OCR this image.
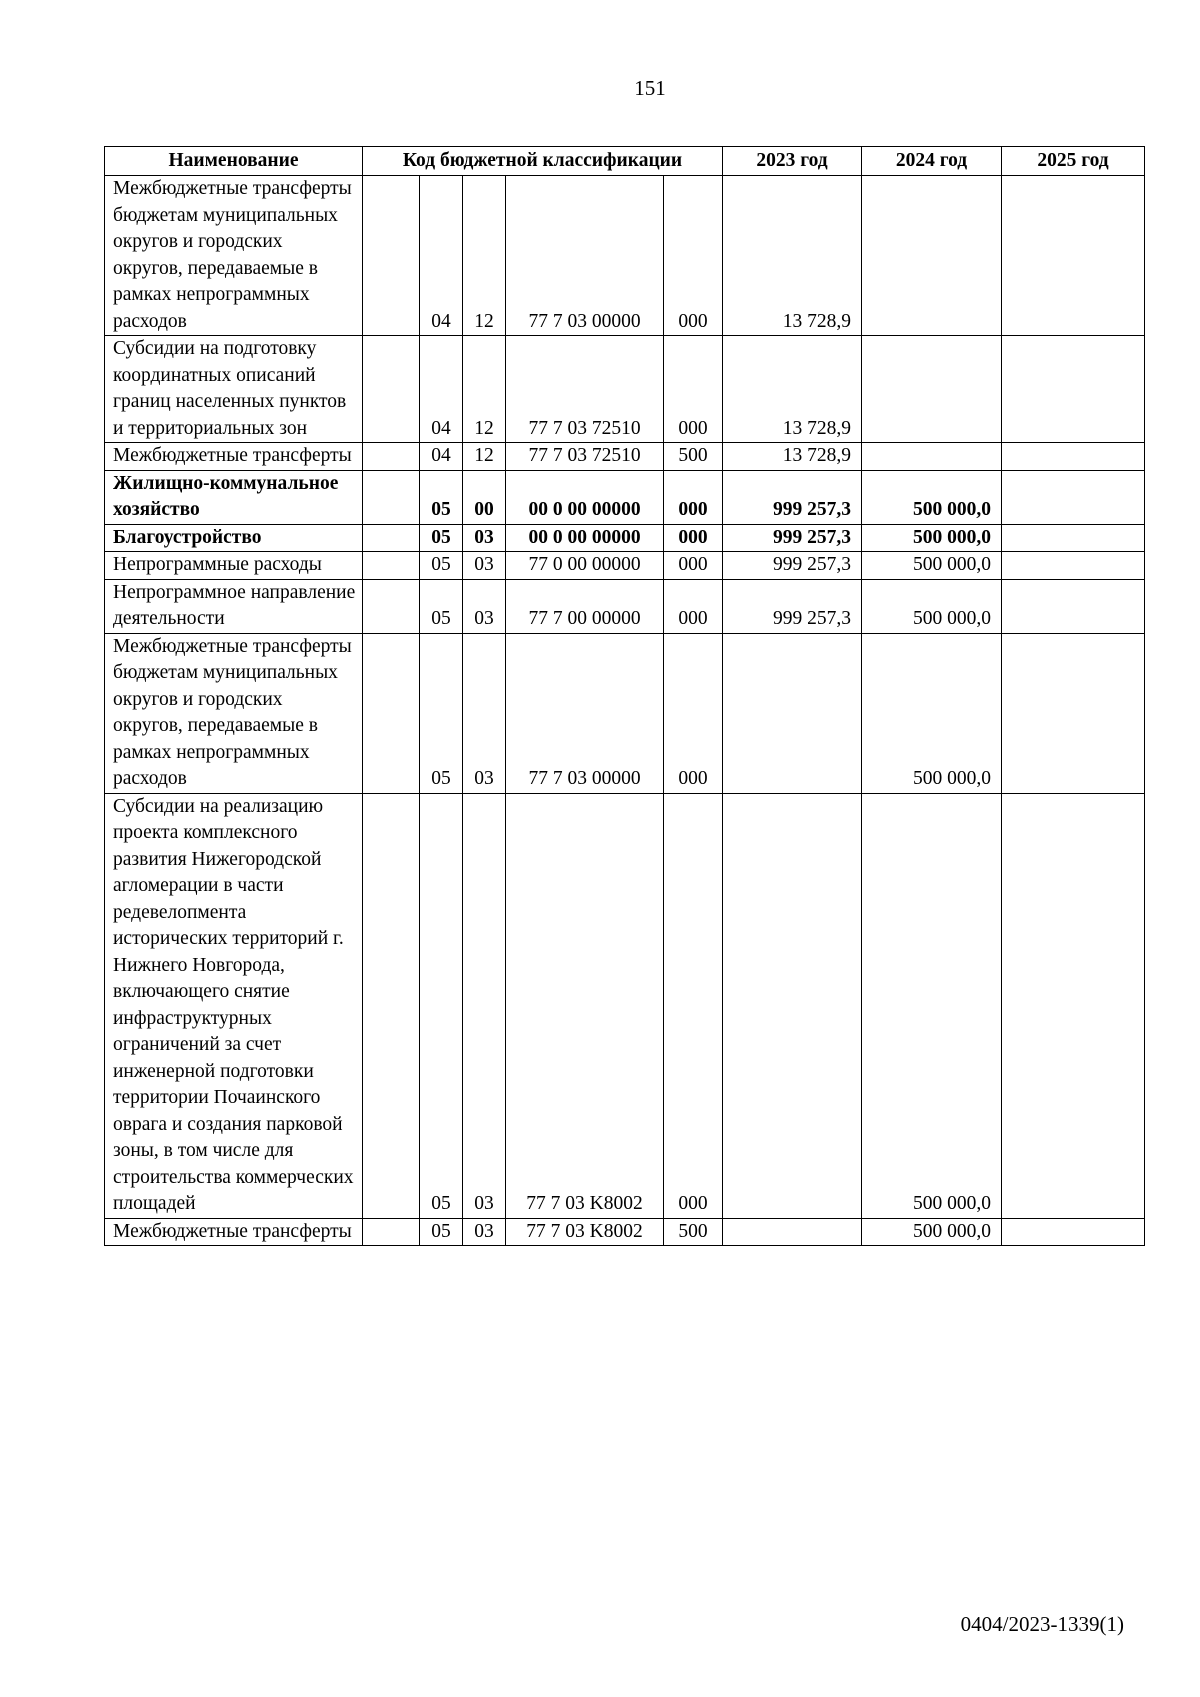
151
Наименование	Код бюджетной классификации					2023 год	2024 год	2025 год
Межбюджетные трансферты бюджетам муниципальных округов и городских округов, передаваемые в рамках непрограммных расходов		04	12	77 7 03 00000	000	13 728,9		
Субсидии на подготовку координатных описаний границ населенных пунктов и территориальных зон		04	12	77 7 03 72510	000	13 728,9		
Межбюджетные трансферты		04	12	77 7 03 72510	500	13 728,9		
Жилищно-коммунальное хозяйство		05	00	00 0 00 00000	000	999 257,3	500 000,0	
Благоустройство		05	03	00 0 00 00000	000	999 257,3	500 000,0	
Непрограммные расходы		05	03	77 0 00 00000	000	999 257,3	500 000,0	
Непрограммное направление деятельности		05	03	77 7 00 00000	000	999 257,3	500 000,0	
Межбюджетные трансферты бюджетам муниципальных округов и городских округов, передаваемые в рамках непрограммных расходов		05	03	77 7 03 00000	000		500 000,0	
Субсидии на реализацию проекта комплексного развития Нижегородской агломерации в части редевелопмента исторических территорий г. Нижнего Новгорода, включающего снятие инфраструктурных ограничений за счет инженерной подготовки территории Почаинского оврага и создания парковой зоны, в том числе для строительства коммерческих площадей		05	03	77 7 03 K8002	000		500 000,0	
Межбюджетные трансферты		05	03	77 7 03 K8002	500		500 000,0	
0404/2023-1339(1)
